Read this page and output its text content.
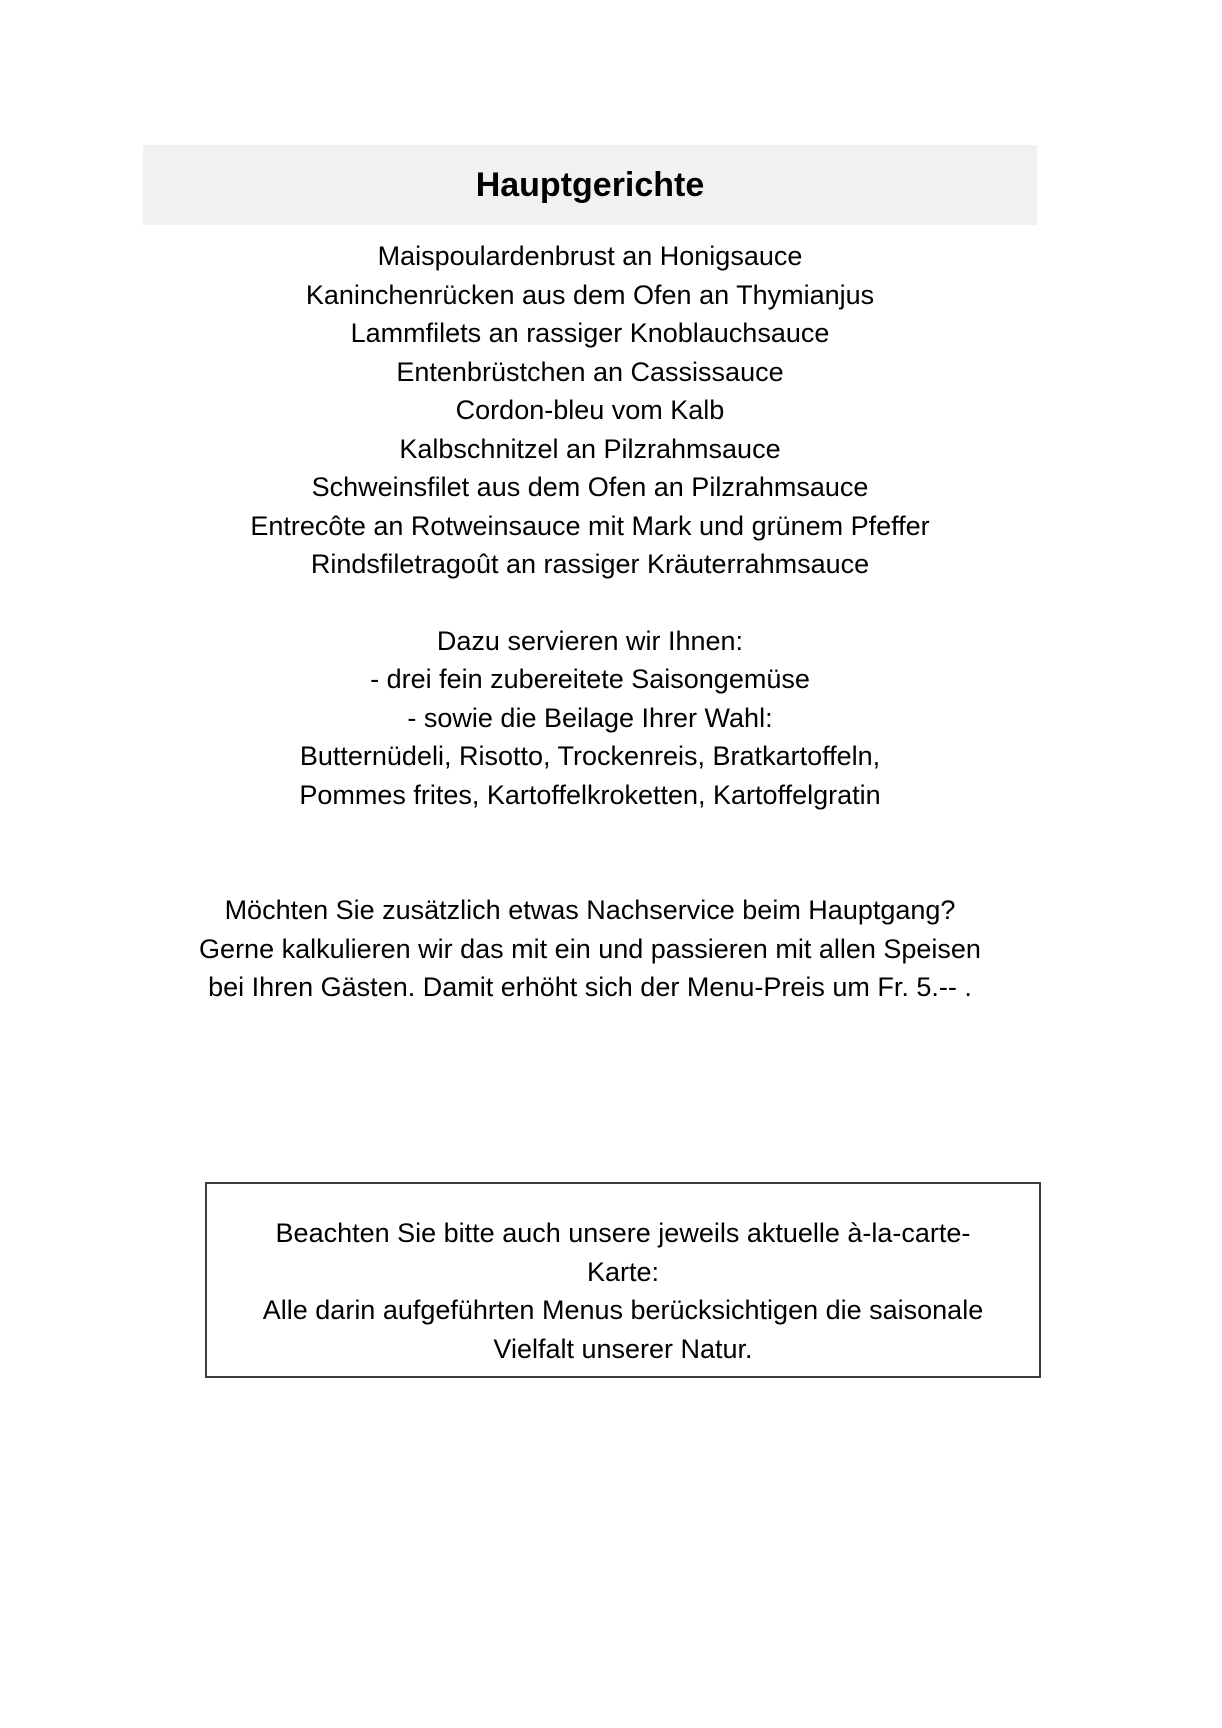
Hauptgerichte
Maispoulardenbrust an Honigsauce
Kaninchenrücken aus dem Ofen an Thymianjus
Lammfilets an rassiger Knoblauchsauce
Entenbrüstchen an Cassissauce
Cordon-bleu vom Kalb
Kalbschnitzel an Pilzrahmsauce
Schweinsfilet aus dem Ofen an Pilzrahmsauce
Entrecôte an Rotweinsauce mit Mark und grünem Pfeffer
Rindsfiletragoût an rassiger Kräuterrahmsauce
Dazu servieren wir Ihnen:
- drei fein zubereitete Saisongemüse
- sowie die Beilage Ihrer Wahl:
Butternüdeli, Risotto, Trockenreis, Bratkartoffeln,
Pommes frites, Kartoffelkroketten, Kartoffelgratin
Möchten Sie zusätzlich etwas Nachservice beim Hauptgang?
Gerne kalkulieren wir das mit ein und passieren mit allen Speisen
bei Ihren Gästen. Damit erhöht sich der Menu-Preis um Fr. 5.-- .
Beachten Sie bitte auch unsere jeweils aktuelle à-la-carte-
Karte:
Alle darin aufgeführten Menus berücksichtigen die saisonale
Vielfalt unserer Natur.
